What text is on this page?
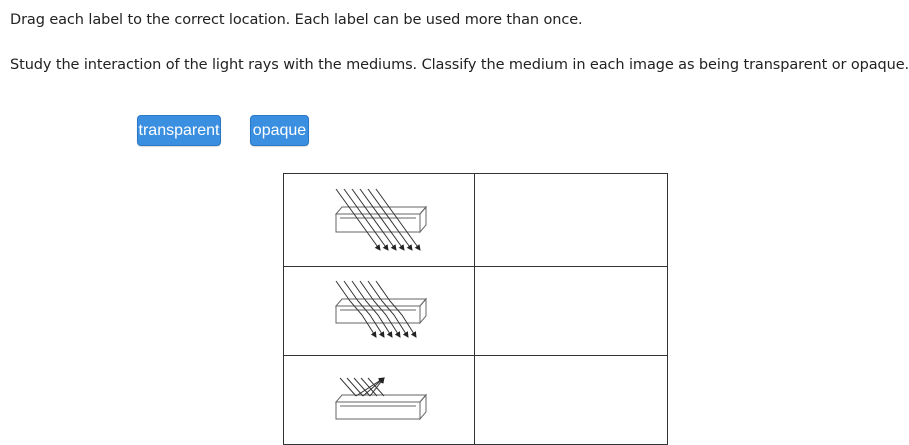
Drag each label to the correct location. Each label can be used more than once.
Study the interaction of the light rays with the mediums. Classify the medium in each image as being transparent or opaque.
transparent opaque
